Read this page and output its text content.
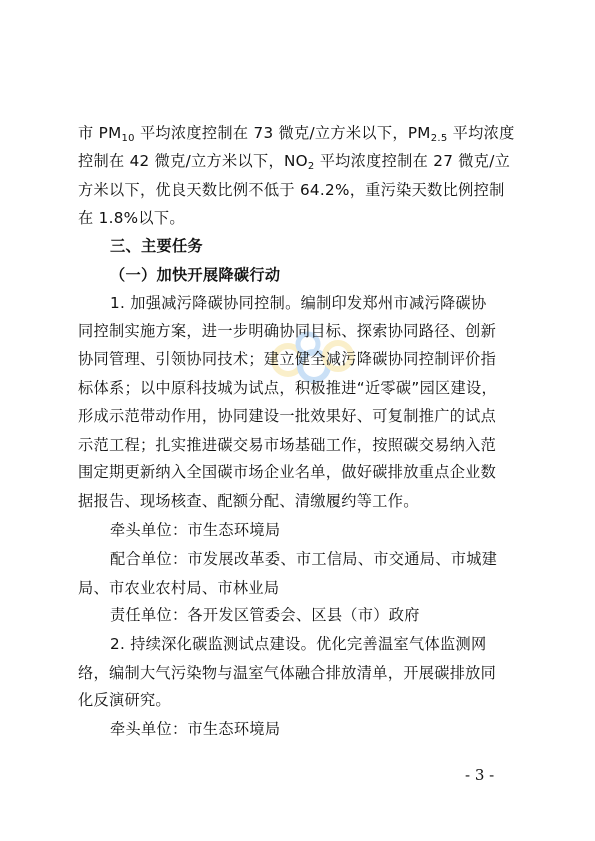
市 $PM_{10}$ 平均浓度控制在 73 微克/立方米以下，$PM_{2.5}$ 平均浓度
控制在 42 微克/立方米以下，$NO_2$ 平均浓度控制在 27 微克/立
方米以下，优良天数比例不低于 64.2%，重污染天数比例控制
在 1.8%以下。
三、主要任务
（一）加快开展降碳行动
1. 加强减污降碳协同控制。编制印发郑州市减污降碳协
同控制实施方案，进一步明确协同目标、探索协同路径、创新
协同管理、引领协同技术；建立健全减污降碳协同控制评价指
标体系；以中原科技城为试点，积极推进“近零碳”园区建设，
形成示范带动作用，协同建设一批效果好、可复制推广的试点
示范工程；扎实推进碳交易市场基础工作，按照碳交易纳入范
围定期更新纳入全国碳市场企业名单，做好碳排放重点企业数
据报告、现场核查、配额分配、清缴履约等工作。
牵头单位：市生态环境局
配合单位：市发展改革委、市工信局、市交通局、市城建
局、市农业农村局、市林业局
责任单位：各开发区管委会、区县（市）政府
2. 持续深化碳监测试点建设。优化完善温室气体监测网
络，编制大气污染物与温室气体融合排放清单，开展碳排放同
化反演研究。
- 3 -
牵头单位：市生态环境局
